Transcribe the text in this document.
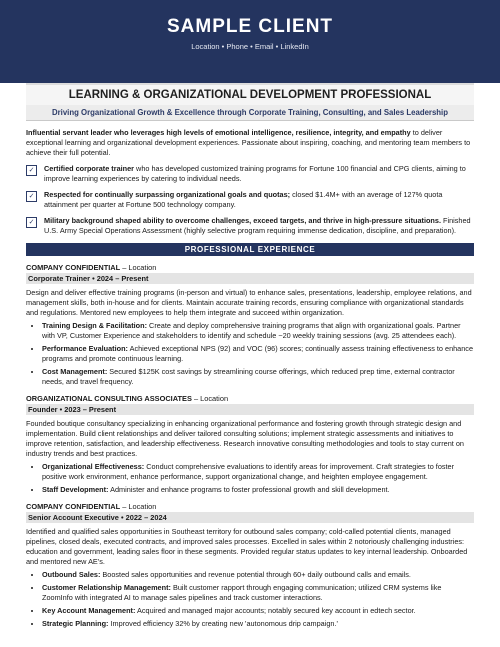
SAMPLE CLIENT
Location • Phone • Email • LinkedIn
LEARNING & ORGANIZATIONAL DEVELOPMENT PROFESSIONAL
Driving Organizational Growth & Excellence through Corporate Training, Consulting, and Sales Leadership
Influential servant leader who leverages high levels of emotional intelligence, resilience, integrity, and empathy to deliver exceptional learning and organizational development experiences. Passionate about inspiring, coaching, and mentoring team members to achieve their full potential.
✓	Certified corporate trainer who has developed customized training programs for Fortune 100 financial and CPG clients, aiming to improve learning experiences by catering to individual needs.
✓	Respected for continually surpassing organizational goals and quotas; closed $1.4M+ with an average of 127% quota attainment per quarter at Fortune 500 technology company.
✓	Military background shaped ability to overcome challenges, exceed targets, and thrive in high-pressure situations. Finished U.S. Army Special Operations Assessment (highly selective program requiring immense dedication, discipline, and preparation).
PROFESSIONAL EXPERIENCE
COMPANY CONFIDENTIAL – Location
Corporate Trainer • 2024 – Present
Design and deliver effective training programs (in-person and virtual) to enhance sales, presentations, leadership, employee relations, and management skills, both in-house and for clients. Maintain accurate training records, ensuring compliance with organizational standards and regulations. Mentored new employees to help them integrate and succeed within organization.
• Training Design & Facilitation: Create and deploy comprehensive training programs that align with organizational goals. Partner with VP, Customer Experience and stakeholders to identify and schedule ~20 weekly training sessions (avg. 25 attendees each).
• Performance Evaluation: Achieved exceptional NPS (92) and VOC (96) scores; continually assess training effectiveness to enhance programs and promote continuous learning.
• Cost Management: Secured $125K cost savings by streamlining course offerings, which reduced prep time, external contractor needs, and travel frequency.
ORGANIZATIONAL CONSULTING ASSOCIATES – Location
Founder • 2023 – Present
Founded boutique consultancy specializing in enhancing organizational performance and fostering growth through strategic design and implementation. Build client relationships and deliver tailored consulting solutions; implement strategic assessments and initiatives to improve retention, satisfaction, and leadership effectiveness. Research innovative consulting methodologies and tools to stay current on industry trends and best practices.
• Organizational Effectiveness: Conduct comprehensive evaluations to identify areas for improvement. Craft strategies to foster positive work environment, enhance performance, support organizational change, and heighten employee engagement.
• Staff Development: Administer and enhance programs to foster professional growth and skill development.
COMPANY CONFIDENTIAL – Location
Senior Account Executive • 2022 – 2024
Identified and qualified sales opportunities in Southeast territory for outbound sales company; cold-called potential clients, managed pipelines, closed deals, executed contracts, and improved sales processes. Excelled in sales within 2 notoriously challenging industries: education and government, leading sales floor in these segments. Provided regular status updates to key internal leadership. Onboarded and mentored new AE's.
• Outbound Sales: Boosted sales opportunities and revenue potential through 60+ daily outbound calls and emails.
• Customer Relationship Management: Built customer rapport through engaging communication; utilized CRM systems like ZoomInfo with integrated AI to manage sales pipelines and track customer interactions.
• Key Account Management: Acquired and managed major accounts; notably secured key account in edtech sector.
• Strategic Planning: Improved efficiency 32% by creating new 'autonomous drip campaign.'
